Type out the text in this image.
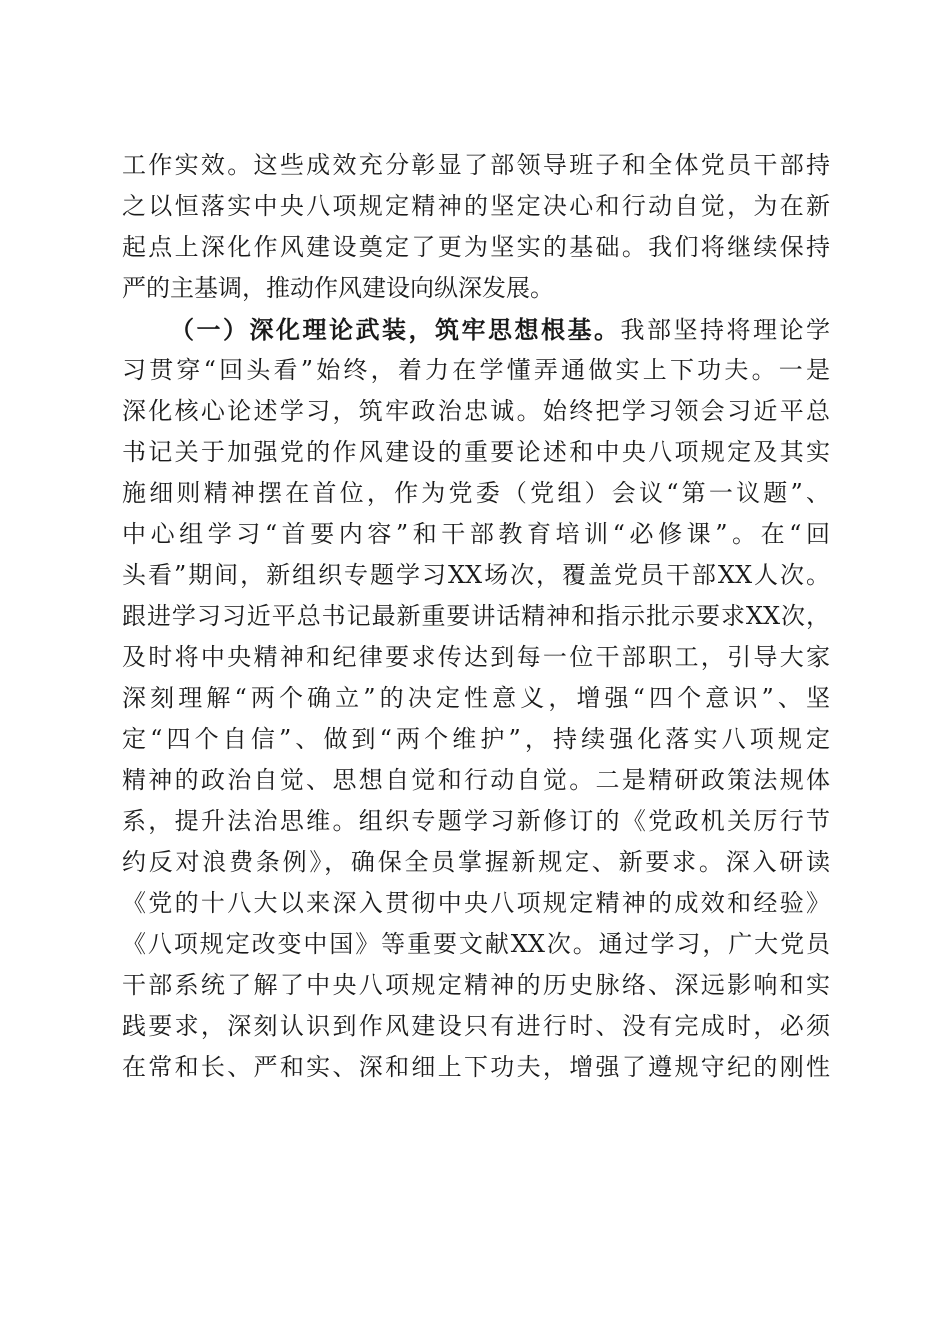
工作实效。这些成效充分彰显了部领导班子和全体党员干部持
之以恒落实中央八项规定精神的坚定决心和行动自觉，为在新
起点上深化作风建设奠定了更为坚实的基础。我们将继续保持
严的主基调，推动作风建设向纵深发展。
（一）深化理论武装，筑牢思想根基。我部坚持将理论学
习贯穿“回头看”始终，着力在学懂弄通做实上下功夫。一是
深化核心论述学习，筑牢政治忠诚。始终把学习领会习近平总
书记关于加强党的作风建设的重要论述和中央八项规定及其实
施细则精神摆在首位，作为党委（党组）会议“第一议题”、
中心组学习“首要内容”和干部教育培训“必修课”。在“回
头看”期间，新组织专题学习XX场次，覆盖党员干部XX人次。
跟进学习习近平总书记最新重要讲话精神和指示批示要求XX次，
及时将中央精神和纪律要求传达到每一位干部职工，引导大家
深刻理解“两个确立”的决定性意义，增强“四个意识”、坚
定“四个自信”、做到“两个维护”，持续强化落实八项规定
精神的政治自觉、思想自觉和行动自觉。二是精研政策法规体
系，提升法治思维。组织专题学习新修订的《党政机关厉行节
约反对浪费条例》，确保全员掌握新规定、新要求。深入研读
《党的十八大以来深入贯彻中央八项规定精神的成效和经验》
《八项规定改变中国》等重要文献XX次。通过学习，广大党员
干部系统了解了中央八项规定精神的历史脉络、深远影响和实
践要求，深刻认识到作风建设只有进行时、没有完成时，必须
在常和长、严和实、深和细上下功夫，增强了遵规守纪的刚性
